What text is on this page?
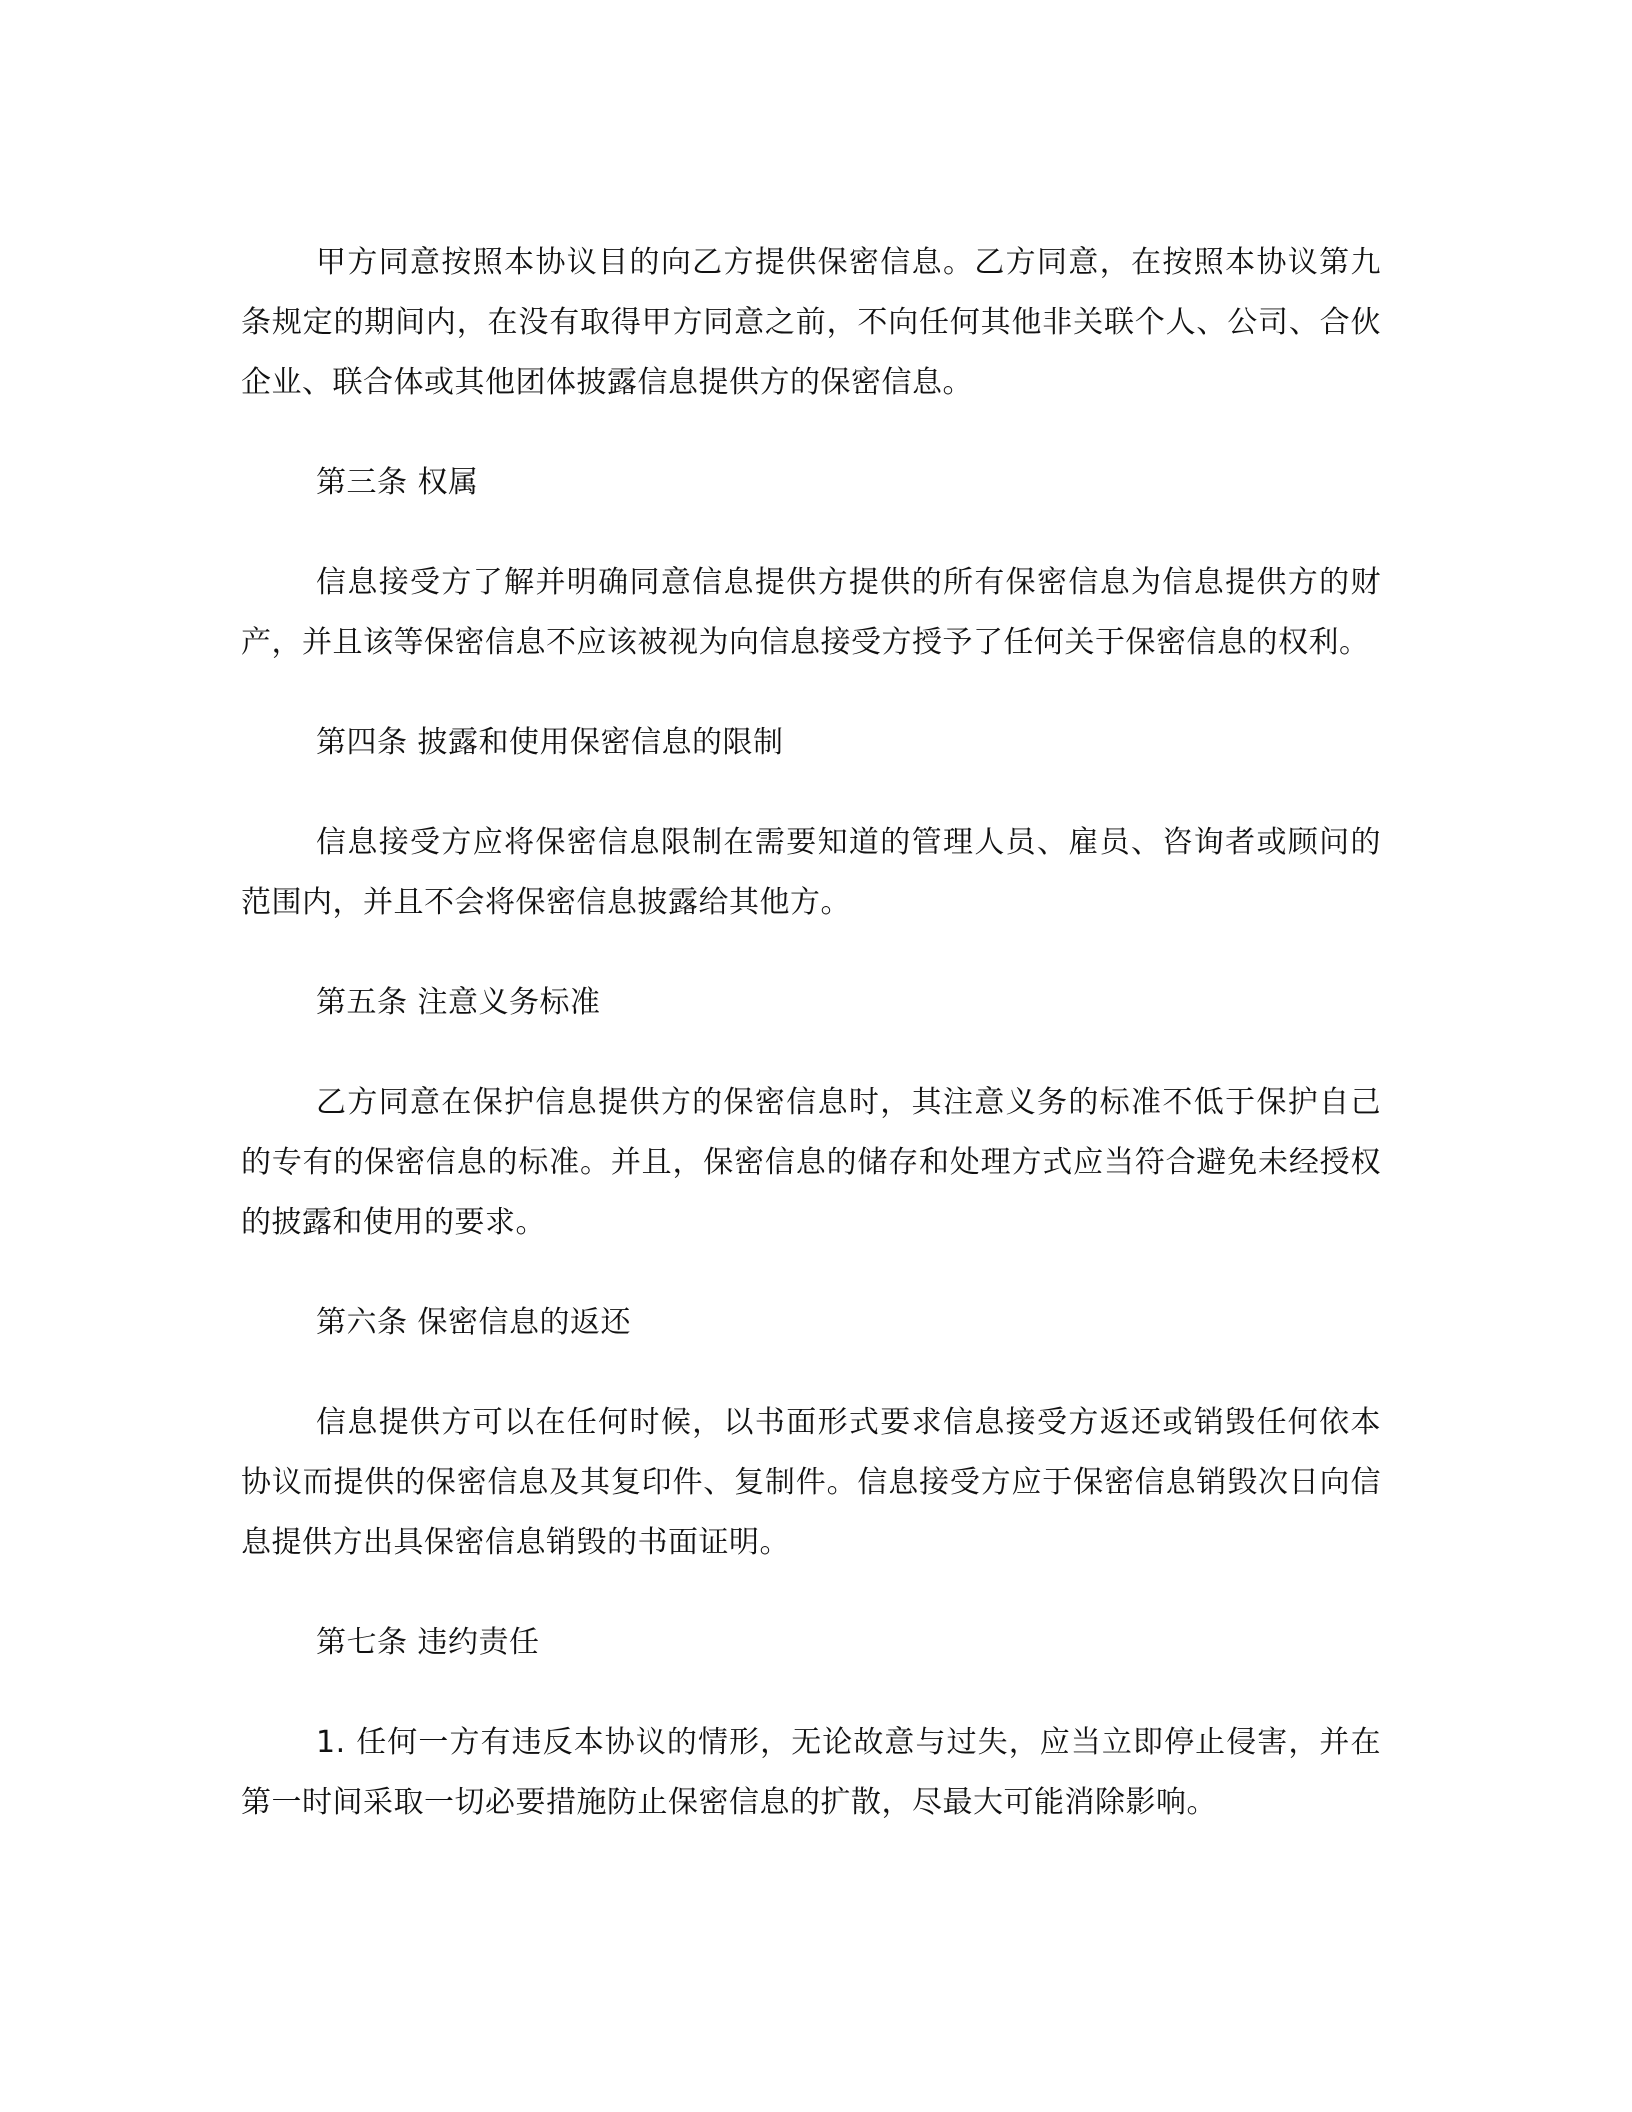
甲方同意按照本协议目的向乙方提供保密信息。乙方同意，在按照本协议第九条规定的期间内，在没有取得甲方同意之前，不向任何其他非关联个人、公司、合伙企业、联合体或其他团体披露信息提供方的保密信息。

第三条 权属

信息接受方了解并明确同意信息提供方提供的所有保密信息为信息提供方的财产，并且该等保密信息不应该被视为向信息接受方授予了任何关于保密信息的权利。

第四条 披露和使用保密信息的限制

信息接受方应将保密信息限制在需要知道的管理人员、雇员、咨询者或顾问的范围内，并且不会将保密信息披露给其他方。

第五条 注意义务标准

乙方同意在保护信息提供方的保密信息时，其注意义务的标准不低于保护自己的专有的保密信息的标准。并且，保密信息的储存和处理方式应当符合避免未经授权的披露和使用的要求。

第六条 保密信息的返还

信息提供方可以在任何时候，以书面形式要求信息接受方返还或销毁任何依本协议而提供的保密信息及其复印件、复制件。信息接受方应于保密信息销毁次日向信息提供方出具保密信息销毁的书面证明。

第七条 违约责任

1. 任何一方有违反本协议的情形，无论故意与过失，应当立即停止侵害，并在第一时间采取一切必要措施防止保密信息的扩散，尽最大可能消除影响。
